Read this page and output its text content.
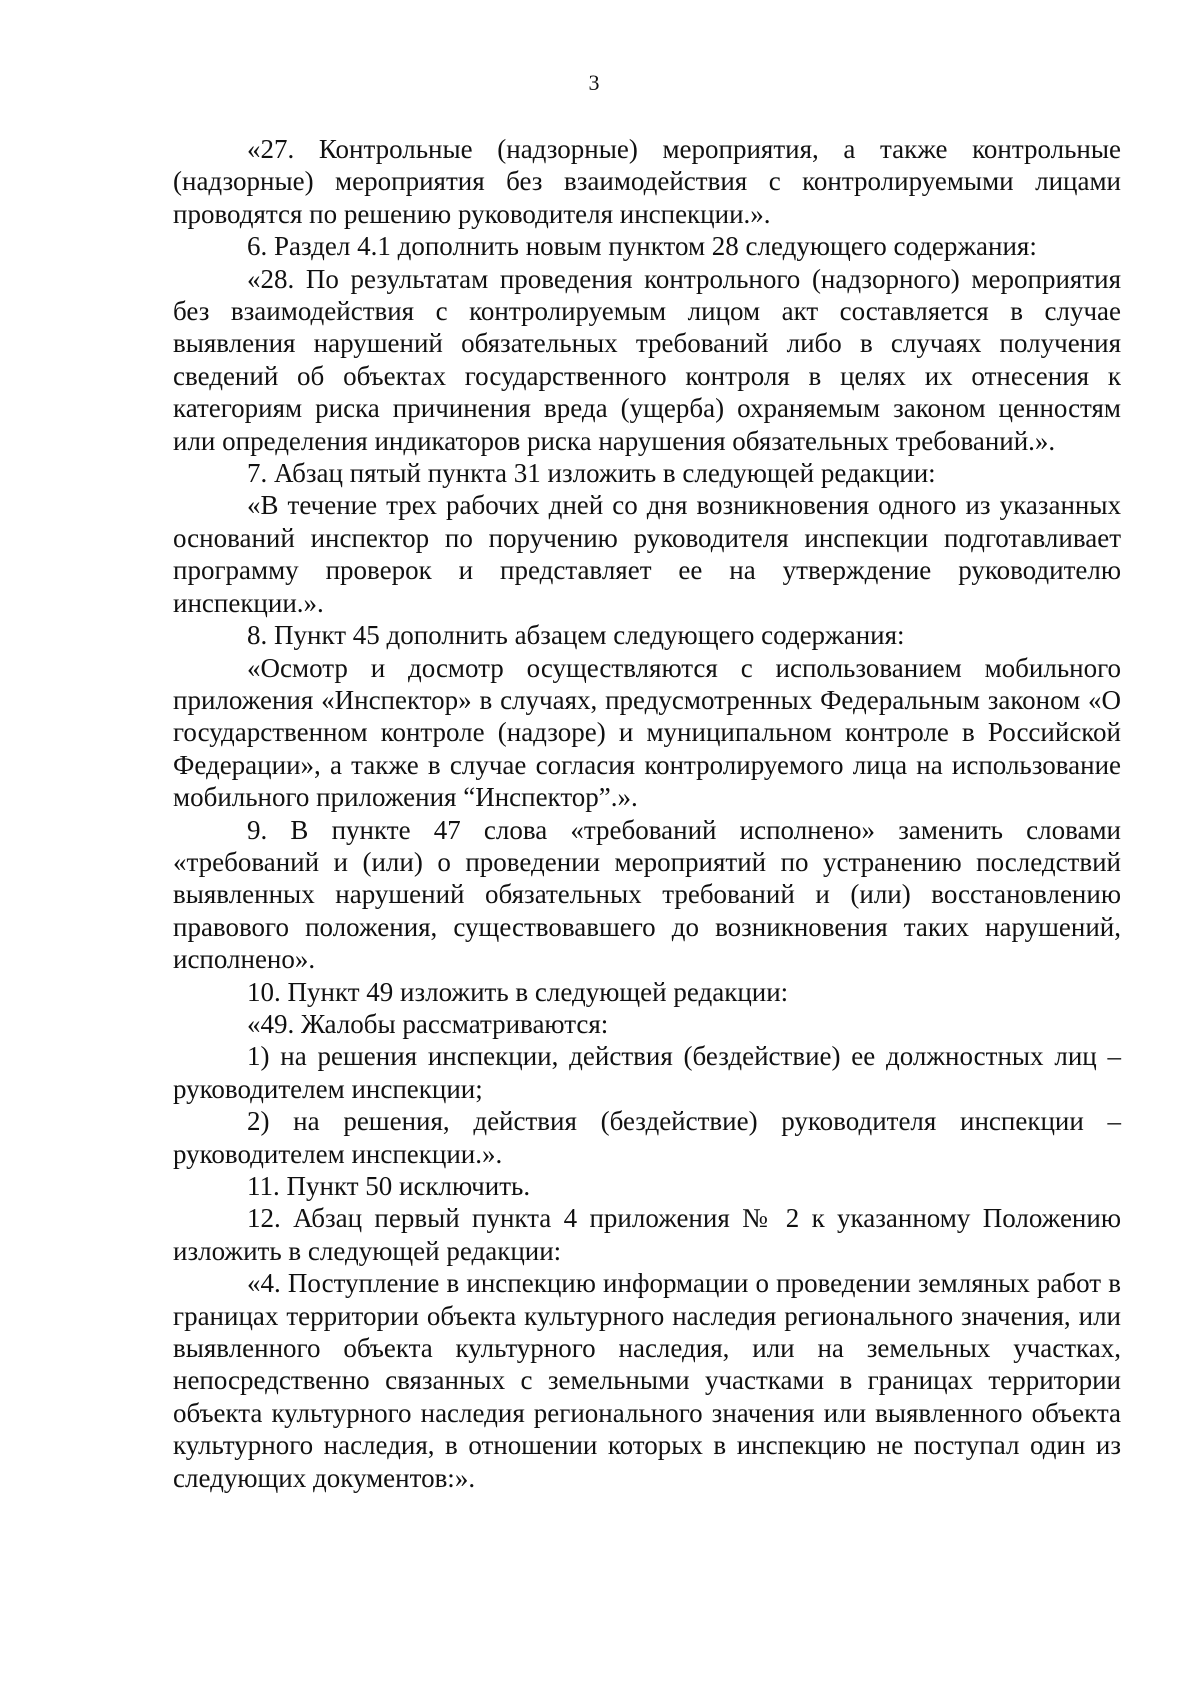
3

«27. Контрольные (надзорные) мероприятия, а также контрольные (надзорные) мероприятия без взаимодействия с контролируемыми лицами проводятся по решению руководителя инспекции.».

6. Раздел 4.1 дополнить новым пунктом 28 следующего содержания:

«28. По результатам проведения контрольного (надзорного) мероприятия без взаимодействия с контролируемым лицом акт составляется в случае выявления нарушений обязательных требований либо в случаях получения сведений об объектах государственного контроля в целях их отнесения к категориям риска причинения вреда (ущерба) охраняемым законом ценностям или определения индикаторов риска нарушения обязательных требований.».

7. Абзац пятый пункта 31 изложить в следующей редакции:

«В течение трех рабочих дней со дня возникновения одного из указанных оснований инспектор по поручению руководителя инспекции подготавливает программу проверок и представляет ее на утверждение руководителю инспекции.».

8. Пункт 45 дополнить абзацем следующего содержания:

«Осмотр и досмотр осуществляются с использованием мобильного приложения «Инспектор» в случаях, предусмотренных Федеральным законом «О государственном контроле (надзоре) и муниципальном контроле в Российской Федерации», а также в случае согласия контролируемого лица на использование мобильного приложения “Инспектор”.».

9. В пункте 47 слова «требований исполнено» заменить словами «требований и (или) о проведении мероприятий по устранению последствий выявленных нарушений обязательных требований и (или) восстановлению правового положения, существовавшего до возникновения таких нарушений, исполнено».

10. Пункт 49 изложить в следующей редакции:

«49. Жалобы рассматриваются:

1) на решения инспекции, действия (бездействие) ее должностных лиц – руководителем инспекции;

2) на решения, действия (бездействие) руководителя инспекции – руководителем инспекции.».

11. Пункт 50 исключить.

12. Абзац первый пункта 4 приложения № 2 к указанному Положению изложить в следующей редакции:

«4. Поступление в инспекцию информации о проведении земляных работ в границах территории объекта культурного наследия регионального значения, или выявленного объекта культурного наследия, или на земельных участках, непосредственно связанных с земельными участками в границах территории объекта культурного наследия регионального значения или выявленного объекта культурного наследия, в отношении которых в инспекцию не поступал один из следующих документов:».
